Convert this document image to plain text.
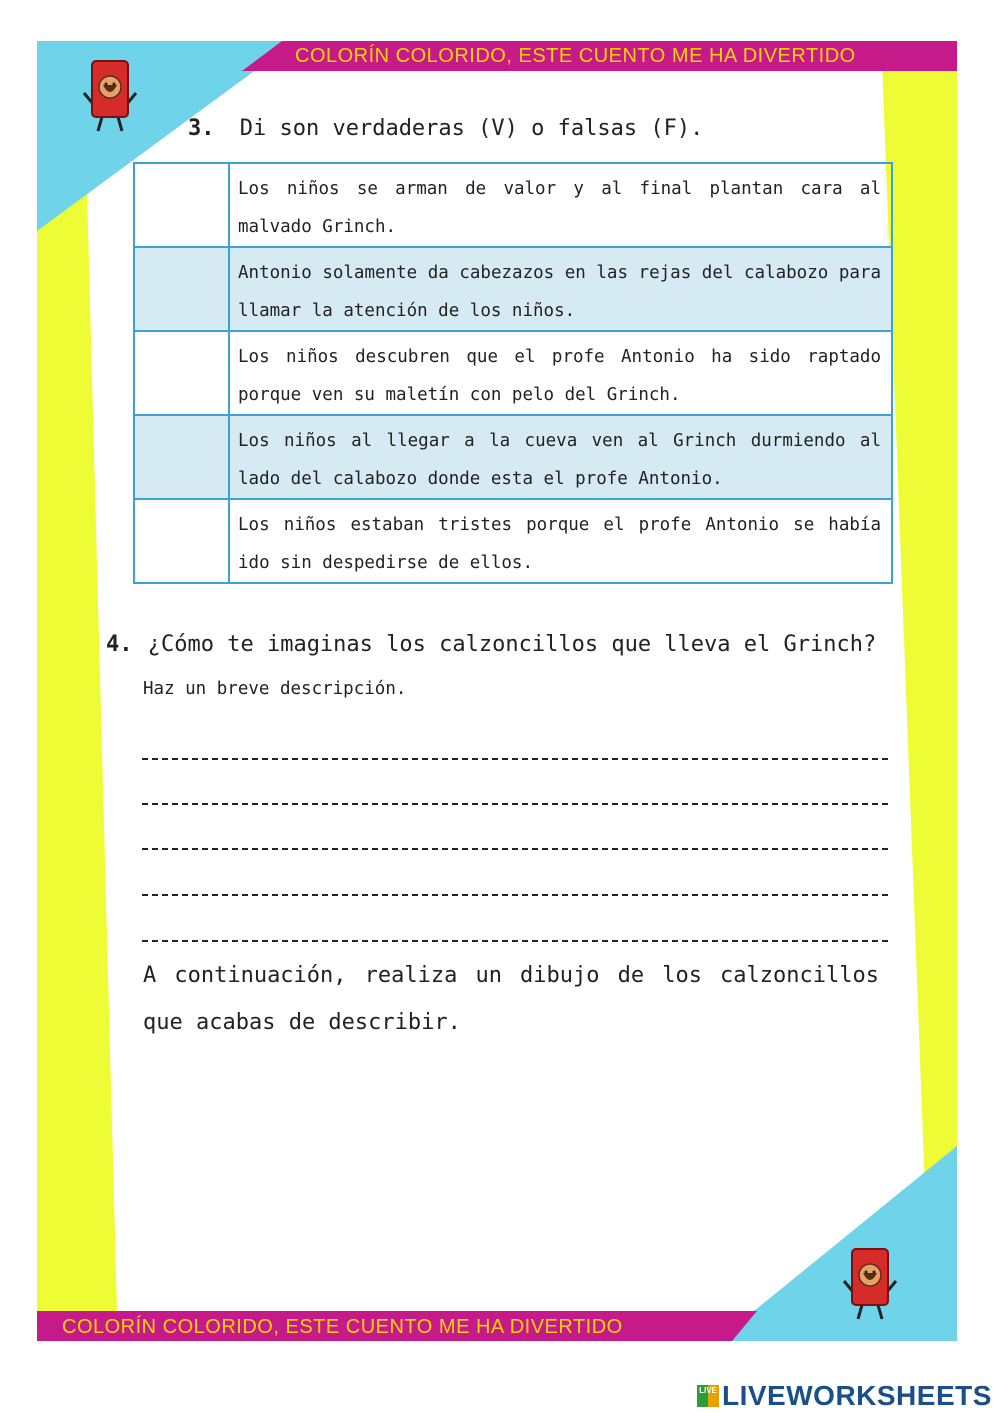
COLORÍN COLORIDO, ESTE CUENTO ME HA DIVERTIDO
COLORÍN COLORIDO, ESTE CUENTO ME HA DIVERTIDO
3. Di son verdaderas (V) o falsas (F).
	Los niños se arman de valor y al final plantan cara al malvado Grinch.
	Antonio solamente da cabezazos en las rejas del calabozo para llamar la atención de los niños.
	Los niños descubren que el profe Antonio ha sido raptado porque ven su maletín con pelo del Grinch.
	Los niños al llegar a la cueva ven al Grinch durmiendo al lado del calabozo donde esta el profe Antonio.
	Los niños estaban tristes porque el profe Antonio se había ido sin despedirse de ellos.
4. ¿Cómo te imaginas los calzoncillos que lleva el Grinch?
Haz un breve descripción.
A continuación, realiza un dibujo de los calzoncillos
que acabas de describir.
LIVE LIVEWORKSHEETS
